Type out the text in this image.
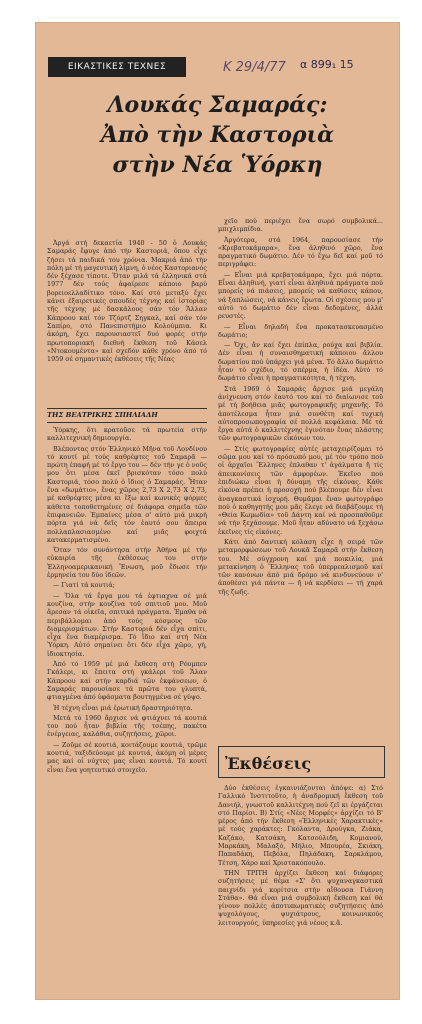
ΕΙΚΑΣΤΙΚΕΣ ΤΕΧΝΕΣ	Κ 29/4/77 α 899₁ 15
Λουκάς Σαμαράς:
Ἀπὸ τὴν Καστοριὰ
στὴν Νέα Ὑόρκη

Ἀργά στή δεκαετία 1940 - 50 ὁ Λουκάς Σαμαράς ἔφυγε ἀπό τήν Καστοριά, ὅπου εἶχε ζήσει τά παιδικά του χρόνια. Μακριά ἀπό τὴν πόλη μέ τή μαγευτική λίμνη, ὁ νέος Καστοριανός δέν ξέχασε τίποτε. Ὅταν μιλά τά ἑλληνικά στά 1977 δέν τούς ἀφαίρεσε κάποιο βαρύ βορειοελλαδίτικο τόνο. Καί στό μεταξύ ἔχει κάνει ἐξαιρετικές σπουδές τέχνης καί ἱστορίας τῆς τέχνης μέ δασκάλους σάν τόν Ἄλλαν Κάπροου καί τόν Τζόρτζ Σηγκαλ, καί σάν τόν Σαπίρο, στό Πανεπιστήμιο Κολούμπια. Κι ἀκόμη, ἔχει παρουσιαστεῖ δυό φορές στήν πρωτοποριακή διεθνή ἔκθεση τοῦ Κάσελ «Ντοκουμέντα» καί σχεδόν κάθε χρόνο ἀπό τό 1959 σέ σημαντικές ἐκθέσεις τῆς Νέας

ΤΗΣ ΒΕΑΤΡΙΚΗΣ ΣΠΗΛΙΑΔΗ

Ὑόρκης, ὅτι κρατοῦσε τά πρωτεία στήν καλλιτεχνική δημιουργία.

Βλέποντας στόν Ἑλληνικό Μῆνα τοῦ Λονδίνου τό κουτί μέ τούς καθρέφτες τοῦ Σαμαρᾶ — πρώτη ἐπαφή μέ τό ἔργο του — δέν τήν γε ὁ νοῦς μου ὅτι μέσα ἐκεῖ βρισκόταν τόσο πολύ Καστοριά, τόσο πολύ ὁ ἴδιος ὁ Σαμαράς. Ἦταν ἕνα «δωμάτιο», ἕνας χῶρος 2,73 Χ 2,73 Χ 2,73, μέ καθρέφτες μέσα κι ἔξω καί κωνικές φόρμες κάθετα τοποθετημένες σέ διάφορα σημεῖα τῶν ἐπιφανειῶν. Ἐμπαίνες μέσα σ' αὐτό μιά μικρή πόρτα γιά νά δεῖς τόν ἑαυτό σου ἄπειρα πολλαπλασιασμένο καί μιᾶς φοιχτά κατακερματισμένο.

Ὅταν τόν συνάντησα στήν Ἀθήνα μέ τήν εὐκαιρία τῆς ἐκθέσεως του στήν Ἑλληνοαμερικανική Ἕνωση, μοῦ ἔδωσε τήν ἑρμηνεία του δύο ἰδεῶν.

— Γιατί τά κουτιά;

— Ὅλα τά ἔργα μου τά ἐφτιαχνα σέ μιά κουζίνα, στήν κουζίνα τοῦ σπιτιοῦ μου. Μοῦ ἄρεσαν τά οἰκεῖα, σπιτικά πράγματα. Ἐμαθα νά περιβάλλομαι ἀπό τούς κόσμους τῶν διαμερισμάτων. Στήν Καστοριά δέν εἶχα σπίτι, εἶχα ἕνα διαμέρισμα. Τό ἴδιο καί στή Νέα Ὑόρκη. Αὐτό σημαίνει ὅτι δέν εἶχα χῶρο, γή, ἰδιοκτησία.

Ἀπό τό 1959 μέ μιά ἔκθεση στή Ρόυμπεν Γκάλερι, κι ἔπειτα στή γκάλερι τοῦ Ἄλαν Κάπροου καί στήν καρδιά τῶν ἐκφάνσεων, ὁ Σαμαράς παρουσίασε τά πρῶτα του γλυπτά, φτιαγμένα ἀπό ὑφάσματα βουτηγμένα σέ γύψο.

Ἡ τέχνη εἶναι μιά ἐρωτική δραστηριότητα.

Μετά τό 1960 ἄρχισε νά φτιάχνει τά κουτιά του πού ἦταν βιβλία τῆς τσέπης, πακέτα ἐνέργειας, καλάθια, συζητήσεις, χῶροι.

— Ζοῦμε σέ κουτιά, κοιτάζουμε κουτιά, τρῶμε κουτιά, ταξιδεύουμε μέ κουτιά, ἀκόμη οἱ μέρες μας καί οἱ νύχτες μας εἶναι κουτιά. Τό κουτί εἶναι ἕνα γοητευτικό στοιχεῖο.

χεῖο πού περιέχει ἕνα σωρό συμβολικά... μπιχλιμπίδια.

Ἀργότερα, στά 1964, παρουσίασε τήν «Κρεβατοκάμαρα», ἕνα ἀληθινό χῶρο, ἕνα πραγματικό δωμάτιο. Δέν τό ἔχω δεῖ καί μοῦ τό περιγράφει:

— Εἶναι μιά κρεβατοκάμαρα, ἔχει μιά πόρτα. Εἶναι ἀληθινή, γιατί εἶναι ἀληθινά πράγματα πού μπορείς νά πιάσεις, μπορείς νά καθίσεις κάπου, νά ξαπλώσεις, νά κάνεις ἔρωτα. Οἱ σχέσεις μου μ' αὐτό τό δωμάτιο δέν εἶναι δεδομένες, ἀλλά ρευστές.

— Εἶναι δηλαδή ἕνα προκατασκευασμένο δωμάτιο;

— Ὄχι, ἄν καί ἔχει ἐπίπλα, ρούχα καί βιβλία. Δέν εἶναι ἡ συναισθηματική κάποιου ἄλλου δωματίου πού ὑπάρχει γιά μένα. Τό ἄλλο δωμάτιο ἦταν τό σχέδιο, τό σπέρμα, ἡ ἰδέα. Αὐτό τό δωμάτιο εἶναι ἡ πραγματικότητα, ἡ τέχνη.

Στά 1969 ὁ Σαμαράς ἄρχισε μιά μεγάλη ἀνίχνευση στόν ἑαυτό του καί τό διαίωνισε τοῦ μέ τή βοήθεια μιᾶς φωτογραφικῆς μηχανῆς. Τό ἀποτέλεσμα ἦταν μιά συνθέτη καί τυχική αὐτοπροσωπογραφία σέ πολλά κεφάλαια. Μέ τά ἔργα αὐτά ὁ καλλιτέχνης ἐγινόταν ἕνας πλάστης τῶν φωτογραφικῶν εἰκόνων του.

— Στίς φωτογραφίες αὐτές μεταχειρίζομαι τό σῶμα μου καί τό πρόσωπό μου, μέ τόν τρόπο πού οἱ ἀρχαῖοι Ἕλληνες ἐπλαθαν τ' ἀγάλματα ἤ τίς ἀπεικονίσεις τῶν ἀμφορέων. Ἐκεῖνο πού ἐπιδιώκω εἶναι ἡ δύναμη τῆς εἰκόνας. Κάθε εἰκόνα πρέπει ἡ προσοχή πού βλέπουμε δέν εἶναι ἀναγκαστικά ἰσχυρή. Θυμᾶμαι ἕναν φωτογράφο πού ὁ καθηγητής μου μᾶς ἔλεγε νά διαβάζουμε τή «Θεία Κωμωδία» τοῦ Δάντη καί νά προσπαθοῦμε νά τήν ξεχάσουμε. Μοῦ ἦταν αδύνατο νά ξεχάσω ἐκεῖνες τίς εἰκόνες.

Κάτι ἀπό δαντική κόλαση εἶχε ἡ σειρά τῶν μεταμορφώσεων τοῦ Λουκᾶ Σαμαρᾶ στήν ἔκθεση του. Μέ σύγχρονη καί μιά ποικιλία, μιά μετακίνηση ὁ Ἕλληνας τοῦ ὑπερρεαλισμοῦ καί τῶν κανόνων ἀπό μιά δρόμο νά κινδυνεύουν ν' ἀποθέσει γιά πάντα — ἤ νά κερδίσει — τή χαρά τῆς ζωῆς.

Ἐκθέσεις

Δύο ἐκθέσεις ἐγκαινιάζονται ἀπόψε: α) Στό Γαλλικό Ἰνστιτοῦτο, ἡ ἀναδρομική ἔκθεση τοῦ Δανιήλ, γνωστοῦ καλλιτέχνη πού ζεῖ κι ἐργάζεται στό Παρίσι. Β) Στίς «Νέες Μορφές» ἀρχίζει τό Β' μέρος ἀπό τήν ἔκθεση «Ἑλληνικὲς Χαρακτικὲς» μέ τούς χαράκτες: Γκόλαντα, Δρούγκα, Ζιάκα, Καζάκο, Κατσάκη, Κατσούλιδη, Κομιανού, Μαρκάκη, Μαλαξό, Μήλιο, Μπουρέα, Σκιάκη, Παπαδάκη, Πεβόλα, Πηλάδακη, Σαρκλάμου, Τέτση, Χάρο καί Χριστακόπουλο.

ΤΗΝ ΤΡΙΤΗ ἀρχίζει ἔκθεση καί διάφορες συζητήσεις μέ θέμα «Σ' ὅτι ψυχαναγκαστικά παιχνίδι γιά κορίτσια στήν αἴθουσα Γιάννη Στάθα». Θά εἶναι μιά συμβολική ἔκθεση καί θά γίνουν πολλές ἀποτυπωματικές συζητήσεις ἀπό ψυχολόγους, ψυχιάτρους, κοινωνικούς λειτουργούς, ὑπηρεσίες γιά νέους κ.ἄ.
